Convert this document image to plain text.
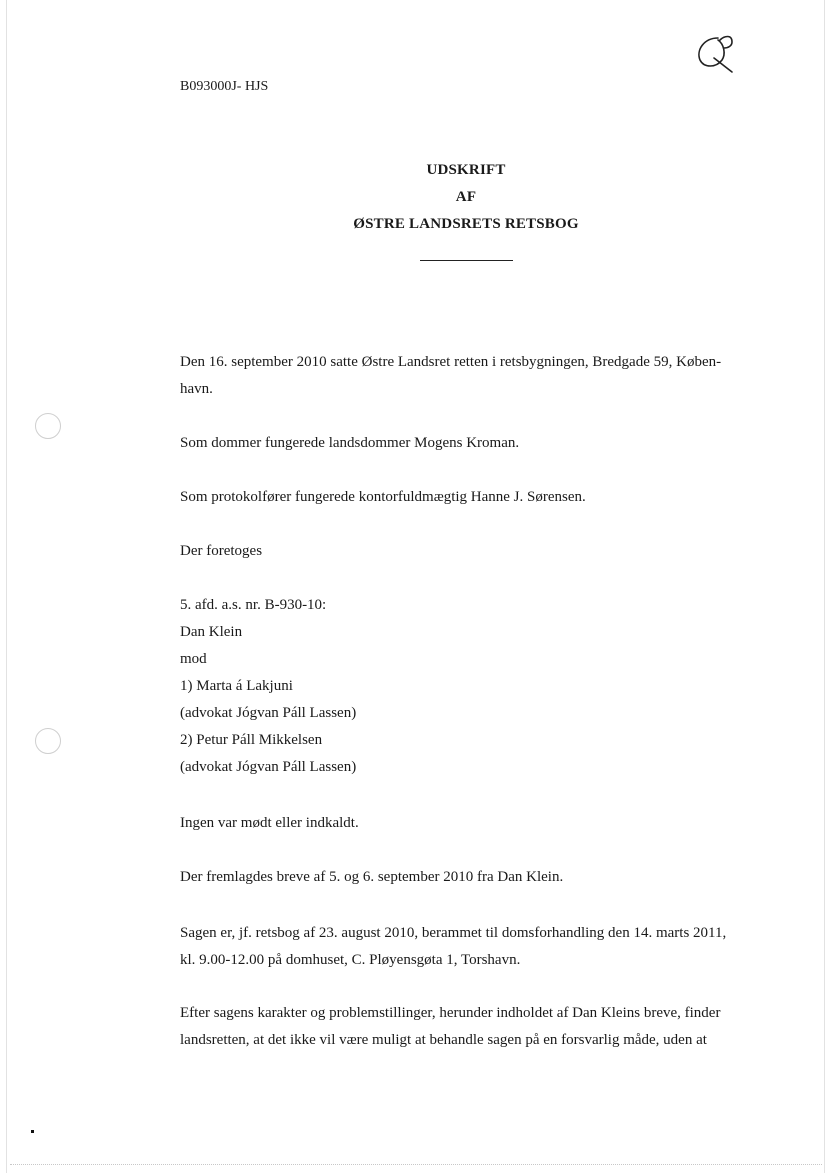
B093000J- HJS
UDSKRIFT
AF
ØSTRE LANDSRETS RETSBOG
Den 16. september 2010 satte Østre Landsret retten i retsbygningen, Bredgade 59, Køben-
havn.
Som dommer fungerede landsdommer Mogens Kroman.
Som protokolfører fungerede kontorfuldmægtig Hanne J. Sørensen.
Der foretoges
5. afd. a.s. nr. B-930-10:
Dan Klein
mod
1) Marta á Lakjuni
(advokat Jógvan Páll Lassen)
2) Petur Páll Mikkelsen
(advokat Jógvan Páll Lassen)
Ingen var mødt eller indkaldt.
Der fremlagdes breve af 5. og 6. september 2010 fra Dan Klein.
Sagen er, jf. retsbog af 23. august 2010, berammet til domsforhandling den 14. marts 2011,
kl. 9.00-12.00 på domhuset, C. Pløyensgøta 1, Torshavn.
Efter sagens karakter og problemstillinger, herunder indholdet af Dan Kleins breve, finder
landsretten, at det ikke vil være muligt at behandle sagen på en forsvarlig måde, uden at
